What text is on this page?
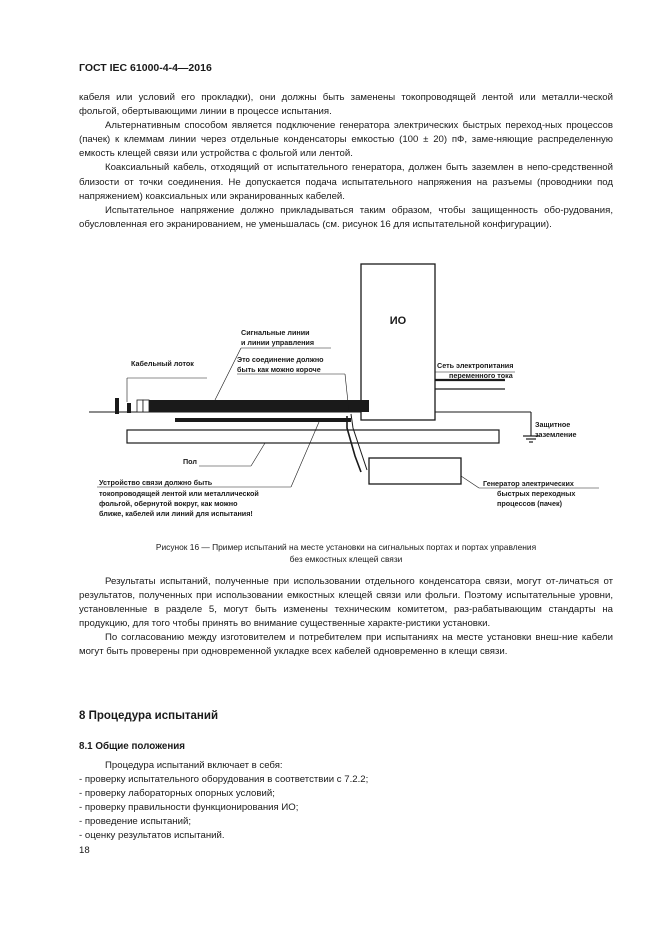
ГОСТ IEC 61000-4-4—2016

кабеля или условий его прокладки), они должны быть заменены токопроводящей лентой или металли-ческой фольгой, обертывающими линии в процессе испытания.

Альтернативным способом является подключение генератора электрических быстрых переход-ных процессов (пачек) к клеммам линии через отдельные конденсаторы емкостью (100 ± 20) пФ, заме-няющие распределенную емкость клещей связи или устройства с фольгой или лентой.

Коаксиальный кабель, отходящий от испытательного генератора, должен быть заземлен в непо-средственной близости от точки соединения. Не допускается подача испытательного напряжения на разъемы (проводники под напряжением) коаксиальных или экранированных кабелей.

Испытательное напряжение должно прикладываться таким образом, чтобы защищенность обо-рудования, обусловленная его экранированием, не уменьшалась (см. рисунок 16 для испытательной конфигурации).

ИО
Сигнальные линии
и линии управления
Это соединение должно
быть как можно короче
Кабельный лоток	Сеть электропитания
переменного тока
Защитное
заземление
Пол
Устройство связи должно быть
токопроводящей лентой или металлической
фольгой, обернутой вокруг, как можно
ближе, кабелей или линий для испытания!
Генератор электрических
быстрых переходных
процессов (пачек)
Рисунок 16 — Пример испытаний на месте установки на сигнальных портах и портах управления
без емкостных клещей связи

Результаты испытаний, полученные при использовании отдельного конденсатора связи, могут от-личаться от результатов, полученных при использовании емкостных клещей связи или фольги. Поэтому испытательные уровни, установленные в разделе 5, могут быть изменены техническим комитетом, раз-рабатывающим стандарты на продукцию, для того чтобы принять во внимание существенные характе-ристики установки.

По согласованию между изготовителем и потребителем при испытаниях на месте установки внеш-ние кабели могут быть проверены при одновременной укладке всех кабелей одновременно в клещи связи.

8 Процедура испытаний
8.1 Общие положения
Процедура испытаний включает в себя:
- проверку испытательного оборудования в соответствии с 7.2.2;
- проверку лабораторных опорных условий;
- проверку правильности функционирования ИО;
- проведение испытаний;
- оценку результатов испытаний.
18
